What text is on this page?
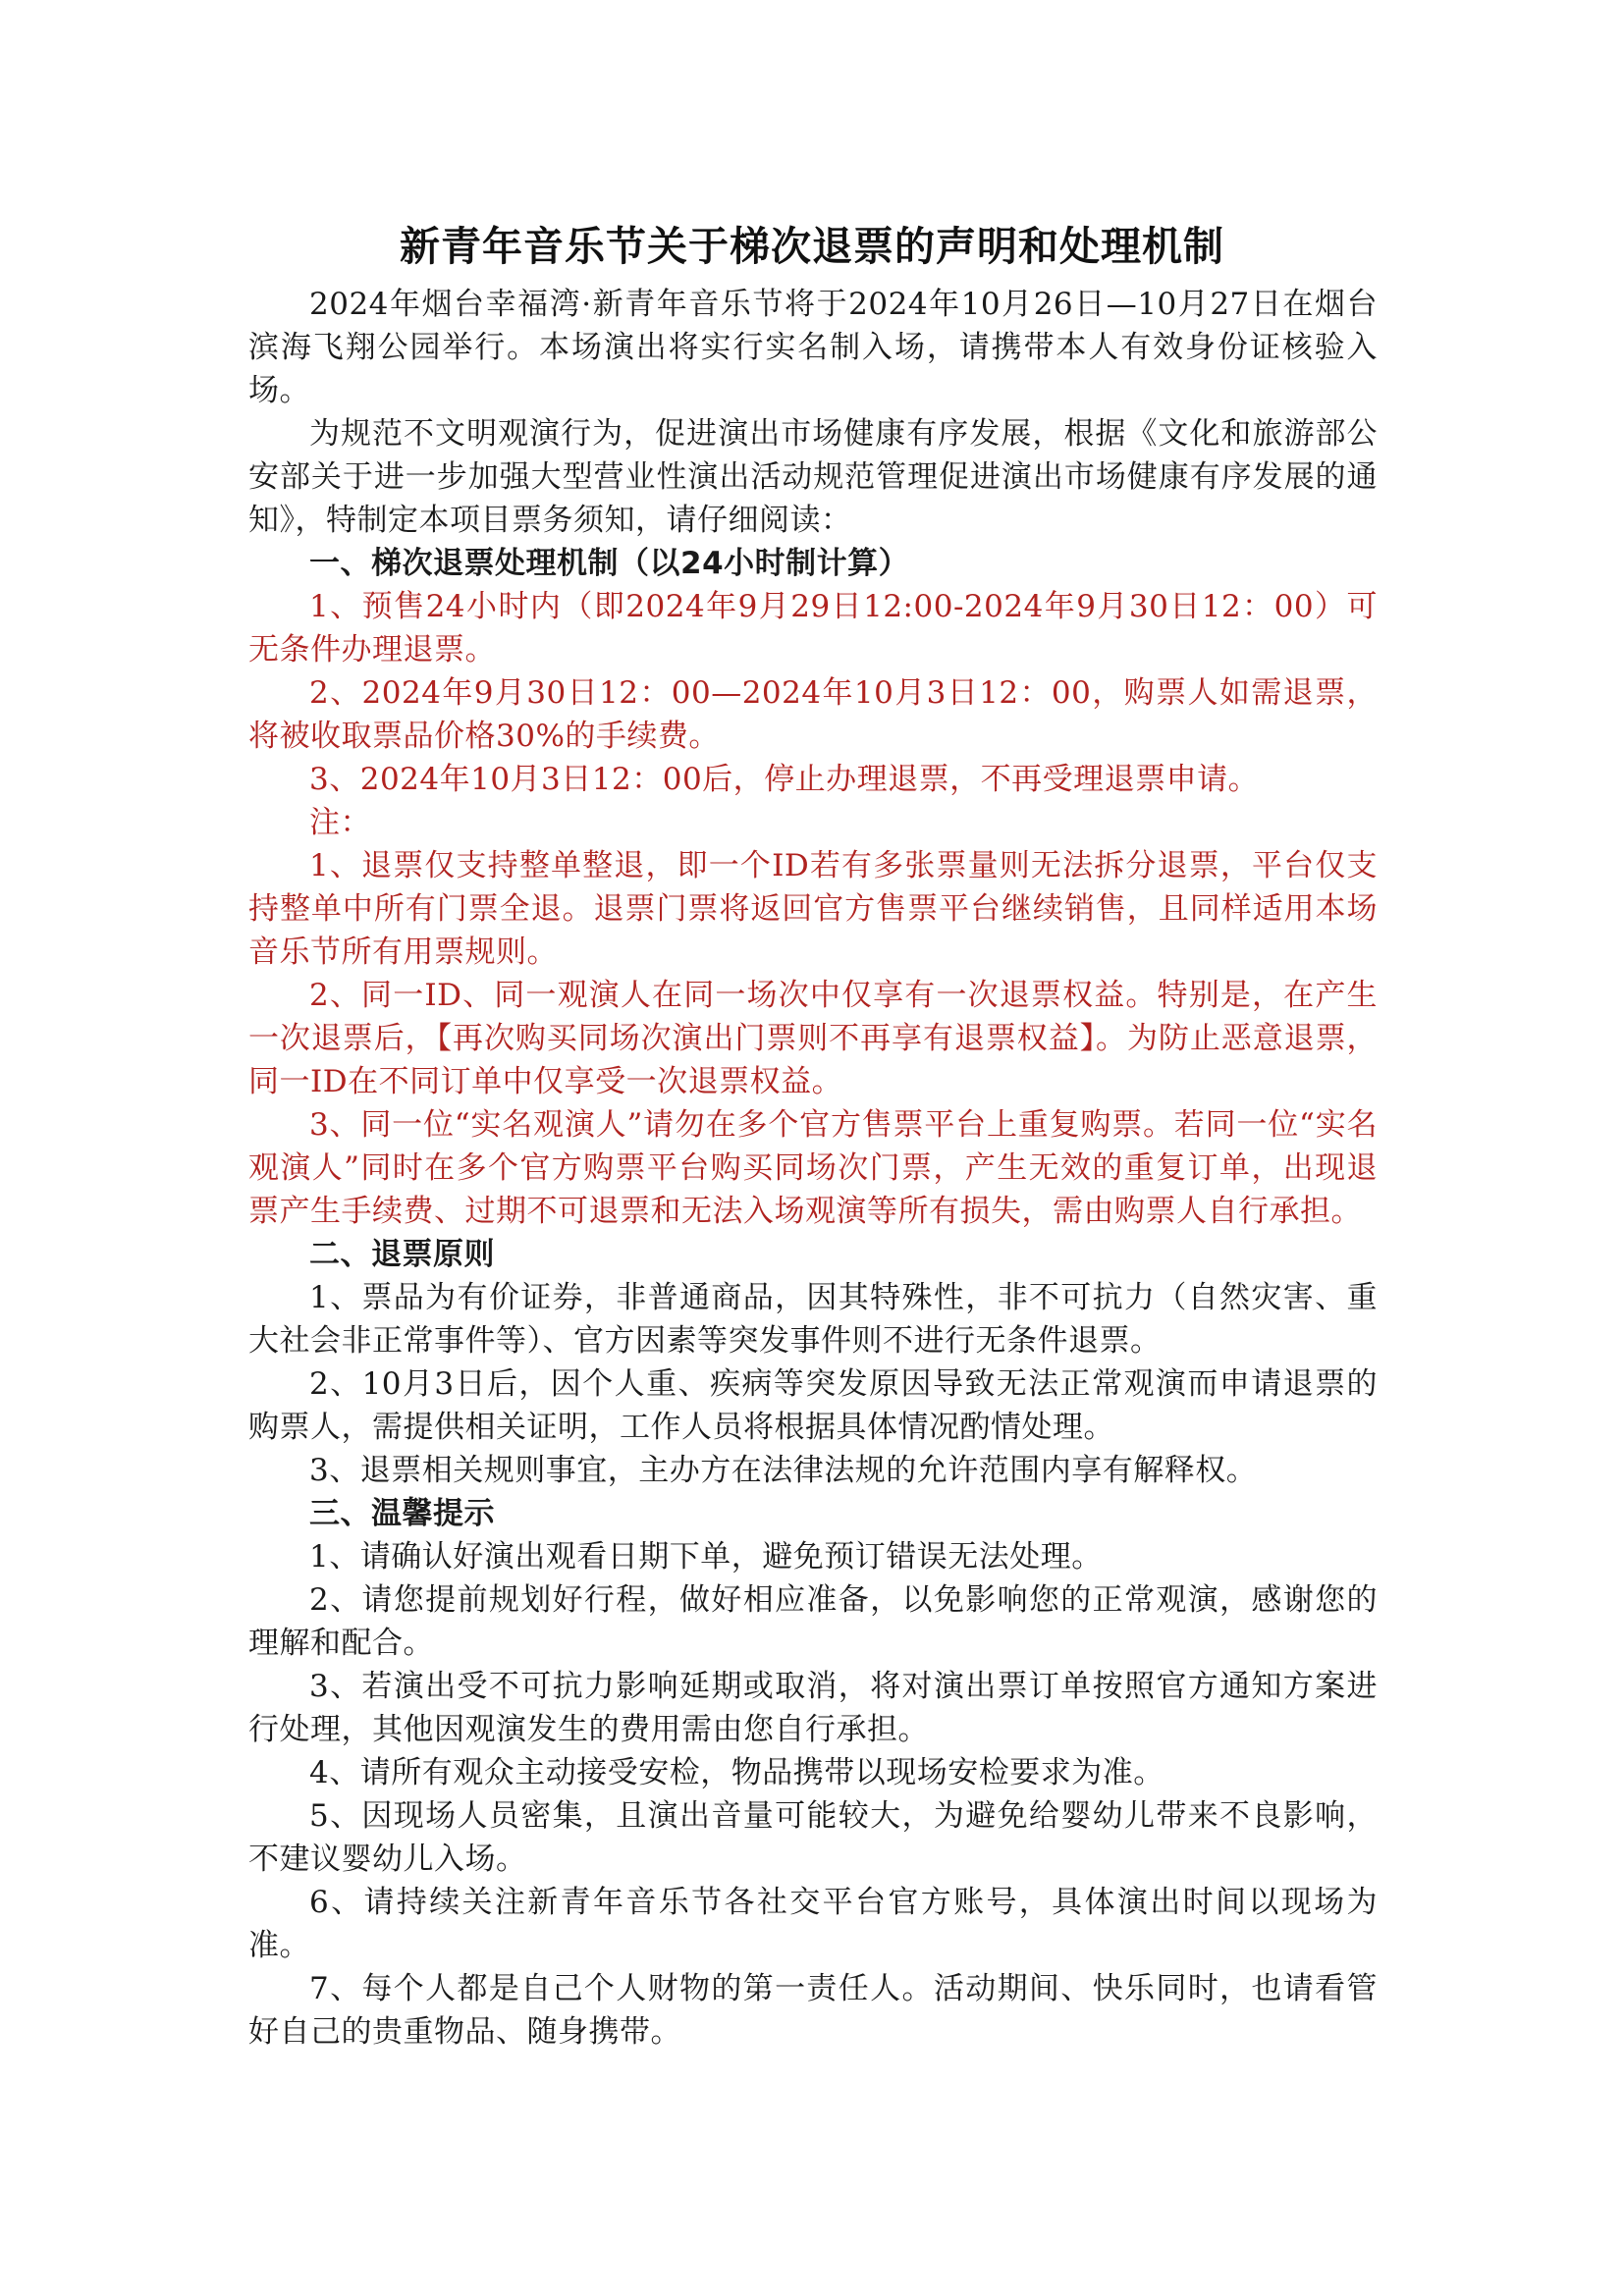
新青年音乐节关于梯次退票的声明和处理机制

2024年烟台幸福湾·新青年音乐节将于2024年10月26日—10月27日在烟台滨海飞翔公园举行。本场演出将实行实名制入场，请携带本人有效身份证核验入场。

为规范不文明观演行为，促进演出市场健康有序发展，根据《文化和旅游部公安部关于进一步加强大型营业性演出活动规范管理促进演出市场健康有序发展的通知》，特制定本项目票务须知，请仔细阅读：

一、梯次退票处理机制（以24小时制计算）

1、预售24小时内（即2024年9月29日12:00-2024年9月30日12：00）可无条件办理退票。

2、2024年9月30日12：00—2024年10月3日12：00，购票人如需退票，将被收取票品价格30%的手续费。

3、2024年10月3日12：00后，停止办理退票，不再受理退票申请。

注：

1、退票仅支持整单整退，即一个ID若有多张票量则无法拆分退票，平台仅支持整单中所有门票全退。退票门票将返回官方售票平台继续销售，且同样适用本场音乐节所有用票规则。

2、同一ID、同一观演人在同一场次中仅享有一次退票权益。特别是，在产生一次退票后，【再次购买同场次演出门票则不再享有退票权益】。为防止恶意退票，同一ID在不同订单中仅享受一次退票权益。

3、同一位“实名观演人”请勿在多个官方售票平台上重复购票。若同一位“实名观演人”同时在多个官方购票平台购买同场次门票，产生无效的重复订单，出现退票产生手续费、过期不可退票和无法入场观演等所有损失，需由购票人自行承担。

二、退票原则

1、票品为有价证券，非普通商品，因其特殊性，非不可抗力（自然灾害、重大社会非正常事件等）、官方因素等突发事件则不进行无条件退票。

2、10月3日后，因个人重、疾病等突发原因导致无法正常观演而申请退票的购票人，需提供相关证明，工作人员将根据具体情况酌情处理。

3、退票相关规则事宜，主办方在法律法规的允许范围内享有解释权。

三、温馨提示

1、请确认好演出观看日期下单，避免预订错误无法处理。

2、请您提前规划好行程，做好相应准备，以免影响您的正常观演，感谢您的理解和配合。

3、若演出受不可抗力影响延期或取消，将对演出票订单按照官方通知方案进行处理，其他因观演发生的费用需由您自行承担。

4、请所有观众主动接受安检，物品携带以现场安检要求为准。

5、因现场人员密集，且演出音量可能较大，为避免给婴幼儿带来不良影响，不建议婴幼儿入场。

6、请持续关注新青年音乐节各社交平台官方账号，具体演出时间以现场为准。

7、每个人都是自己个人财物的第一责任人。活动期间、快乐同时，也请看管好自己的贵重物品、随身携带。
